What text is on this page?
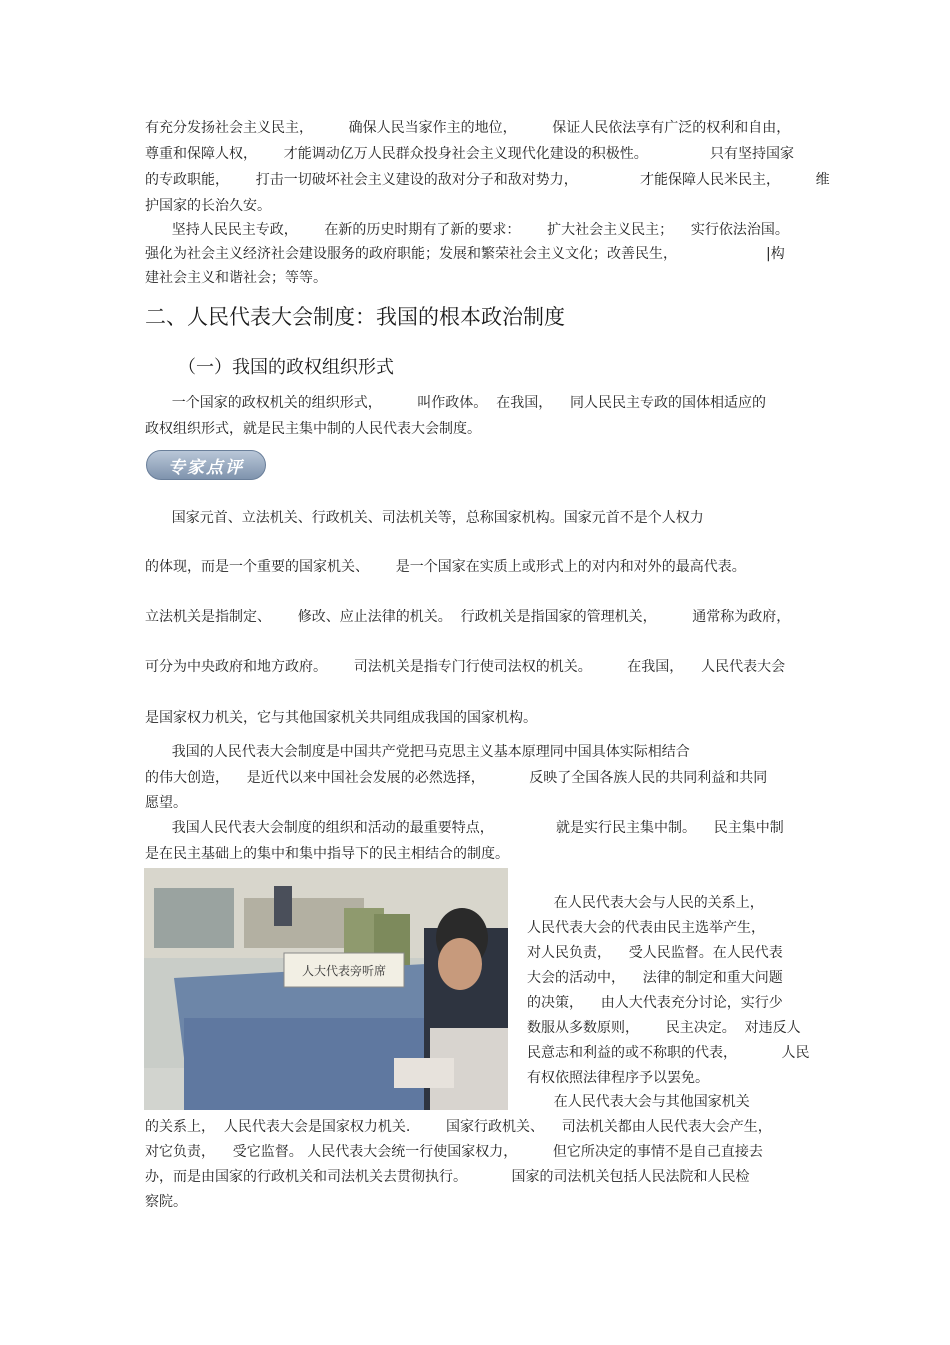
有充分发扬社会主义民主，        确保人民当家作主的地位，        保证人民依法享有广泛的权利和自由，
尊重和保障人权，      才能调动亿万人民群众投身社会主义现代化建设的积极性。              只有坚持国家
的专政职能，      打击一切破坏社会主义建设的敌对分子和敌对势力，              才能保障人民米民主，        维
护国家的长治久安。
坚持人民民主专政，      在新的历史时期有了新的要求：      扩大社会主义民主；    实行依法治国。
强化为社会主义经济社会建设服务的政府职能；发展和繁荣社会主义文化；改善民生，                    |构
建社会主义和谐社会；等等。
一个国家的政权机关的组织形式，        叫作政体。  在我国，    同人民民主专政的国体相适应的
政权组织形式，就是民主集中制的人民代表大会制度。
国家元首、立法机关、行政机关、司法机关等，总称国家机构。国家元首不是个人权力
的体现，而是一个重要的国家机关、      是一个国家在实质上或形式上的对内和对外的最高代表。
立法机关是指制定、      修改、应止法律的机关。  行政机关是指国家的管理机关，        通常称为政府，
可分为中央政府和地方政府。      司法机关是指专门行使司法权的机关。        在我国，    人民代表大会
是国家权力机关，它与其他国家机关共同组成我国的国家机构。
我国的人民代表大会制度是中国共产党把马克思主义基本原理同中国具体实际相结合
的伟大创造，    是近代以来中国社会发展的必然选择，          反映了全国各族人民的共同利益和共同
愿望。
我国人民代表大会制度的组织和活动的最重要特点，              就是实行民主集中制。    民主集中制
是在民主基础上的集中和集中指导下的民主相结合的制度。
在人民代表大会与人民的关系上，
人民代表大会的代表由民主选举产生，
对人民负责，    受人民监督。在人民代表
大会的活动中，    法律的制定和重大问题
的决策，    由人大代表充分讨论，实行少
数服从多数原则，      民主决定。  对违反人
民意志和利益的或不称职的代表，          人民
有权依照法律程序予以罢免。
在人民代表大会与其他国家机关
的关系上，  人民代表大会是国家权力机关.        国家行政机关、    司法机关都由人民代表大会产生，
对它负责，    受它监督。 人民代表大会统一行使国家权力，        但它所决定的事情不是自己直接去
办，而是由国家的行政机关和司法机关去贯彻执行。          国家的司法机关包括人民法院和人民检
察院。
二、人民代表大会制度：我国的根本政治制度
（一）我国的政权组织形式
专家点评
人大代表旁听席
